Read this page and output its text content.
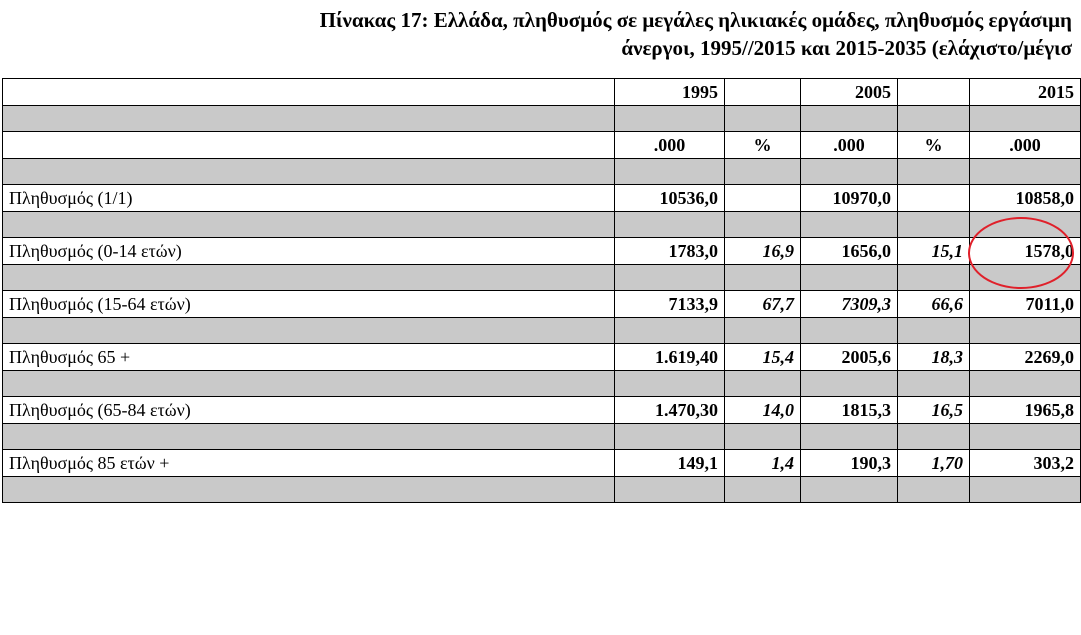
Πίνακας 17: Ελλάδα, πληθυσμός σε μεγάλες ηλικιακές ομάδες, πληθυσμός εργάσιμη
άνεργοι, 1995//2015 και 2015-2035 (ελάχιστο/μέγισ
	1995		2005		2015

	.000	%	.000	%	.000

Πληθυσμός (1/1)	10536,0		10970,0		10858,0

Πληθυσμός (0-14 ετών)	1783,0	16,9	1656,0	15,1	1578,0

Πληθυσμός (15-64 ετών)	7133,9	67,7	7309,3	66,6	7011,0

Πληθυσμός 65 +	1.619,40	15,4	2005,6	18,3	2269,0

Πληθυσμός (65-84 ετών)	1.470,30	14,0	1815,3	16,5	1965,8

Πληθυσμός 85 ετών +	149,1	1,4	190,3	1,70	303,2
